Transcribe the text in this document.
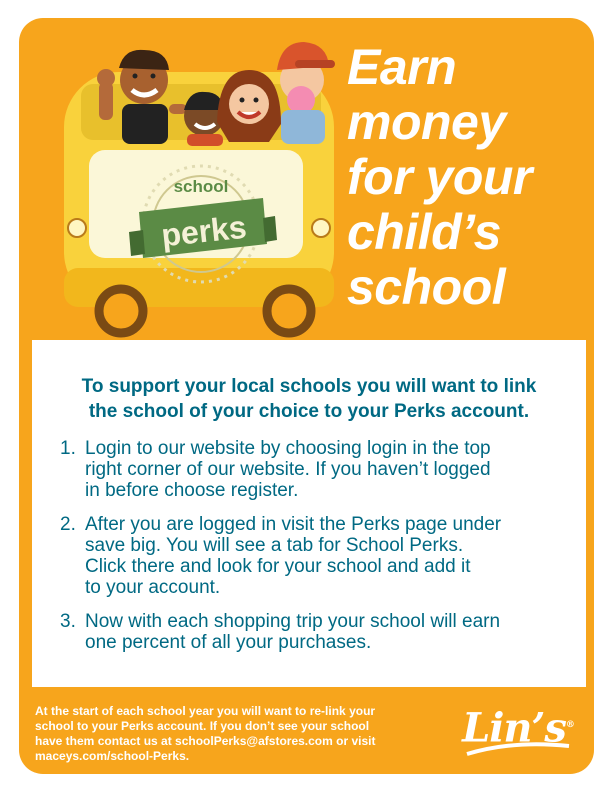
school
perks
Earn
money
for your
child’s
school
To support your local schools you will want to link
the school of your choice to your Perks account.
1. Login to our website by choosing login in the top
right corner of our website. If you haven’t logged
in before choose register.
2. After you are logged in visit the Perks page under
save big. You will see a tab for School Perks.
Click there and look for your school and add it
to your account.
3. Now with each shopping trip your school will earn
one percent of all your purchases.
At the start of each school year you will want to re-link your
school to your Perks account. If you don’t see your school
have them contact us at schoolPerks@afstores.com or visit
maceys.com/school-Perks.
Lin’s®
